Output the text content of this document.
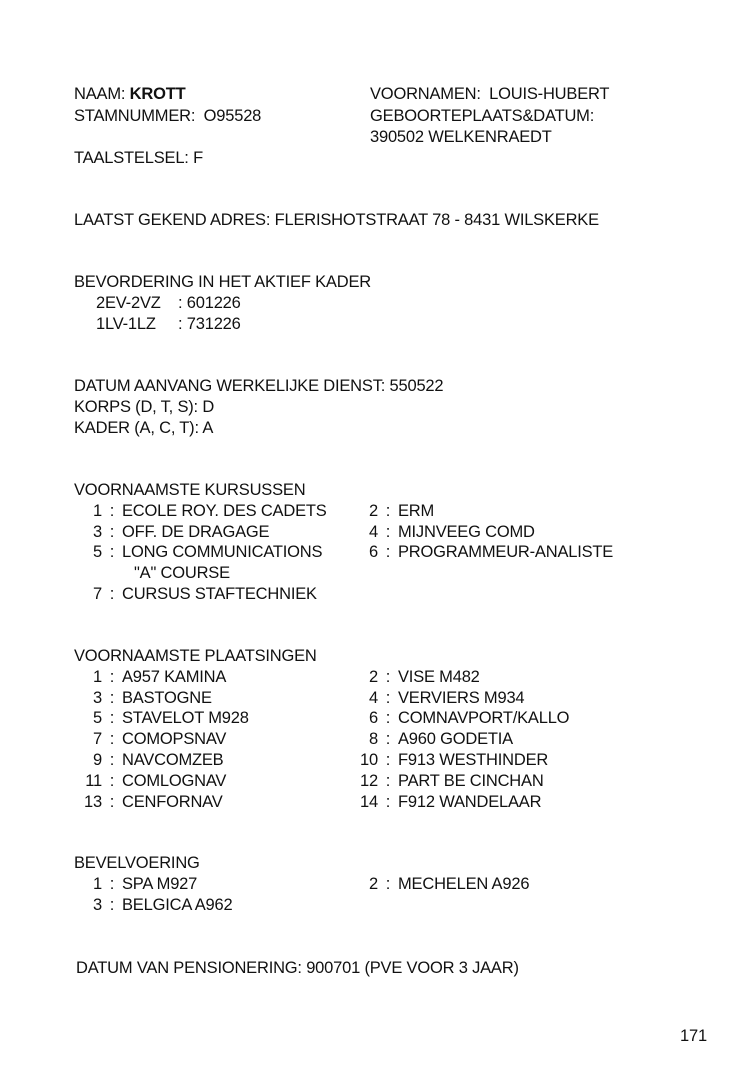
NAAM: KROTT	VOORNAMEN: LOUIS-HUBERT
STAMNUMMER: O95528	GEBOORTEPLAATS&DATUM:
390502 WELKENRAEDT
TAALSTELSEL: F
LAATST GEKEND ADRES: FLERISHOTSTRAAT 78 - 8431 WILSKERKE
BEVORDERING IN HET AKTIEF KADER
2EV-2VZ : 601226
1LV-1LZ : 731226
DATUM AANVANG WERKELIJKE DIENST: 550522
KORPS (D, T, S): D
KADER (A, C, T): A
VOORNAAMSTE KURSUSSEN
1 : ECOLE ROY. DES CADETS	2 : ERM
3 : OFF. DE DRAGAGE	4 : MIJNVEEG COMD
5 : LONG COMMUNICATIONS	6 : PROGRAMMEUR-ANALISTE
"A" COURSE
7 : CURSUS STAFTECHNIEK
VOORNAAMSTE PLAATSINGEN
1 : A957 KAMINA	2 : VISE M482
3 : BASTOGNE	4 : VERVIERS M934
5 : STAVELOT M928	6 : COMNAVPORT/KALLO
7 : COMOPSNAV	8 : A960 GODETIA
9 : NAVCOMZEB	10 : F913 WESTHINDER
11 : COMLOGNAV	12 : PART BE CINCHAN
13 : CENFORNAV	14 : F912 WANDELAAR
BEVELVOERING
1 : SPA M927	2 : MECHELEN A926
3 : BELGICA A962
DATUM VAN PENSIONERING: 900701 (PVE VOOR 3 JAAR)
171
